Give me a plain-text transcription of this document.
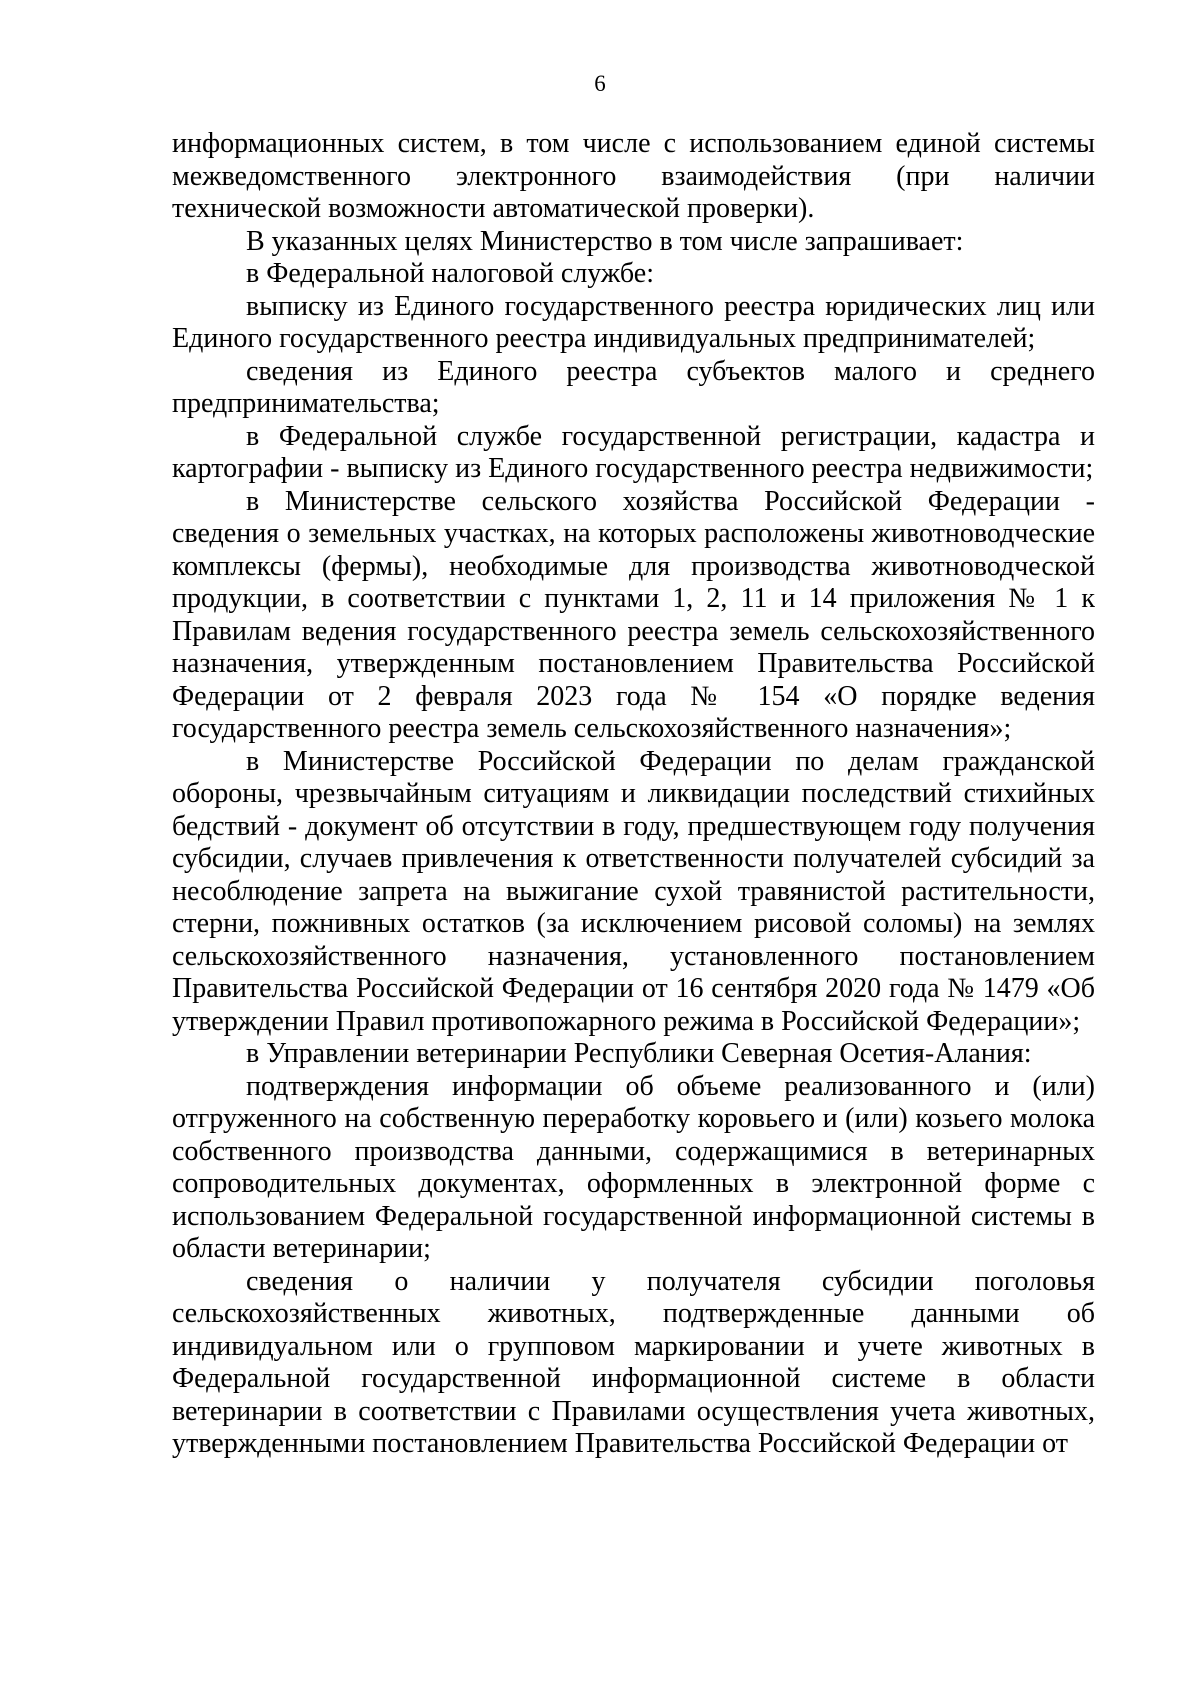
6

информационных систем, в том числе с использованием единой системы межведомственного электронного взаимодействия (при наличии технической возможности автоматической проверки).

В указанных целях Министерство в том числе запрашивает:

в Федеральной налоговой службе:

выписку из Единого государственного реестра юридических лиц или Единого государственного реестра индивидуальных предпринимателей;

сведения из Единого реестра субъектов малого и среднего предпринимательства;

в Федеральной службе государственной регистрации, кадастра и картографии - выписку из Единого государственного реестра недвижимости;

в Министерстве сельского хозяйства Российской Федерации - сведения о земельных участках, на которых расположены животноводческие комплексы (фермы), необходимые для производства животноводческой продукции, в соответствии с пунктами 1, 2, 11 и 14 приложения № 1 к Правилам ведения государственного реестра земель сельскохозяйственного назначения, утвержденным постановлением Правительства Российской Федерации от 2 февраля 2023 года № 154 «О порядке ведения государственного реестра земель сельскохозяйственного назначения»;

в Министерстве Российской Федерации по делам гражданской обороны, чрезвычайным ситуациям и ликвидации последствий стихийных бедствий - документ об отсутствии в году, предшествующем году получения субсидии, случаев привлечения к ответственности получателей субсидий за несоблюдение запрета на выжигание сухой травянистой растительности, стерни, пожнивных остатков (за исключением рисовой соломы) на землях сельскохозяйственного назначения, установленного постановлением Правительства Российской Федерации от 16 сентября 2020 года № 1479 «Об утверждении Правил противопожарного режима в Российской Федерации»;

в Управлении ветеринарии Республики Северная Осетия-Алания:

подтверждения информации об объеме реализованного и (или) отгруженного на собственную переработку коровьего и (или) козьего молока собственного производства данными, содержащимися в ветеринарных сопроводительных документах, оформленных в электронной форме с использованием Федеральной государственной информационной системы в области ветеринарии;

сведения о наличии у получателя субсидии поголовья сельскохозяйственных животных, подтвержденные данными об индивидуальном или о групповом маркировании и учете животных в Федеральной государственной информационной системе в области ветеринарии в соответствии с Правилами осуществления учета животных, утвержденными постановлением Правительства Российской Федерации от
